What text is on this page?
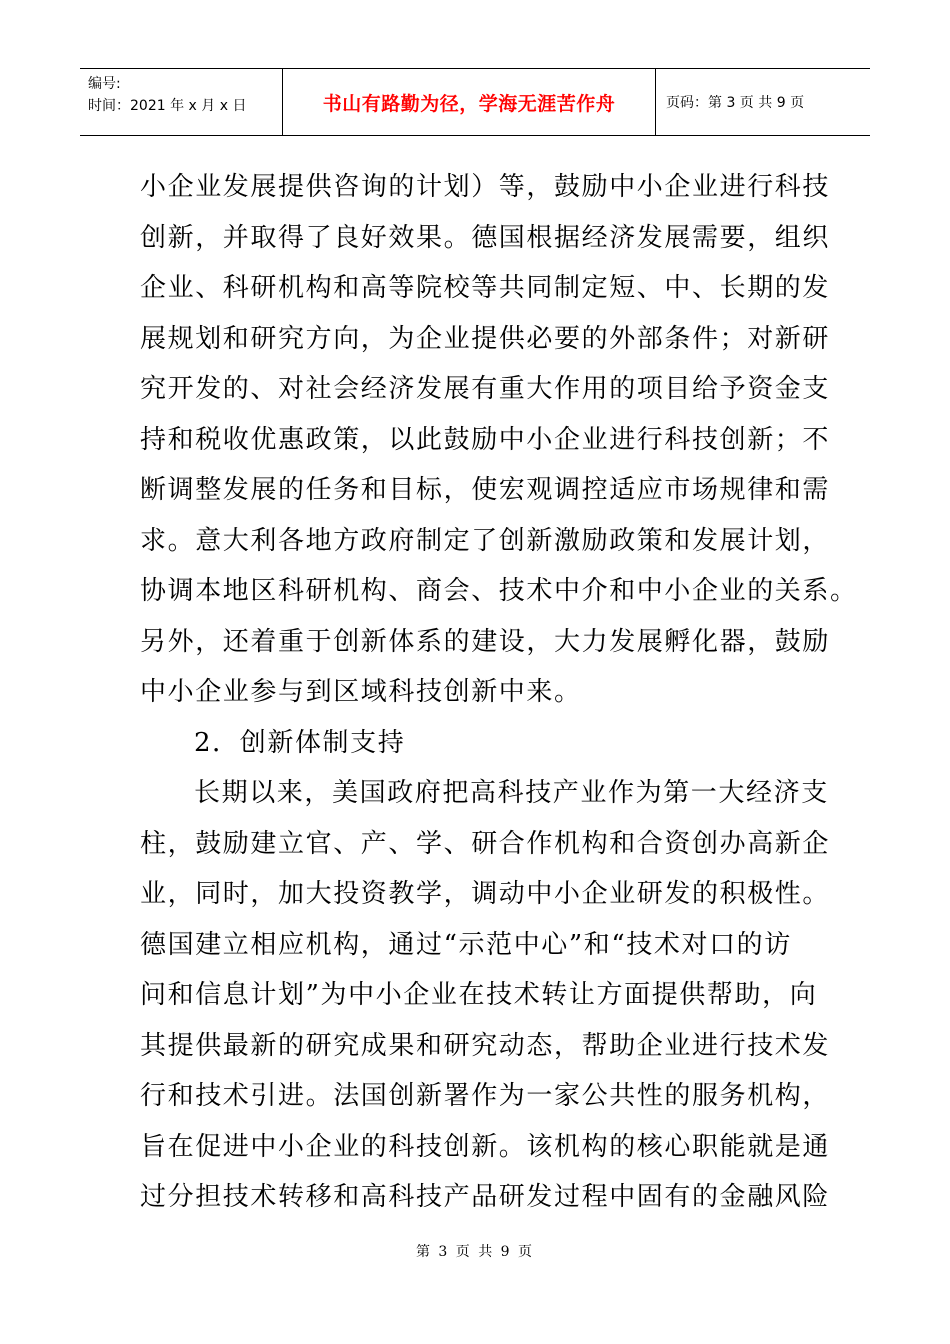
编号:
时间：2021 年 x 月 x 日	书山有路勤为径，学海无涯苦作舟	页码：第 3 页 共 9 页
小企业发展提供咨询的计划）等，鼓励中小企业进行科技
创新，并取得了良好效果。德国根据经济发展需要，组织
企业、科研机构和高等院校等共同制定短、中、长期的发
展规划和研究方向，为企业提供必要的外部条件；对新研
究开发的、对社会经济发展有重大作用的项目给予资金支
持和税收优惠政策，以此鼓励中小企业进行科技创新；不
断调整发展的任务和目标，使宏观调控适应市场规律和需
求。意大利各地方政府制定了创新激励政策和发展计划，
协调本地区科研机构、商会、技术中介和中小企业的关系。
另外，还着重于创新体系的建设，大力发展孵化器，鼓励
中小企业参与到区域科技创新中来。
2．创新体制支持
长期以来，美国政府把高科技产业作为第一大经济支
柱，鼓励建立官、产、学、研合作机构和合资创办高新企
业，同时，加大投资教学，调动中小企业研发的积极性。
德国建立相应机构，通过“示范中心”和“技术对口的访
问和信息计划”为中小企业在技术转让方面提供帮助，向
其提供最新的研究成果和研究动态，帮助企业进行技术发
行和技术引进。法国创新署作为一家公共性的服务机构，
旨在促进中小企业的科技创新。该机构的核心职能就是通
过分担技术转移和高科技产品研发过程中固有的金融风险
第 3 页 共 9 页
